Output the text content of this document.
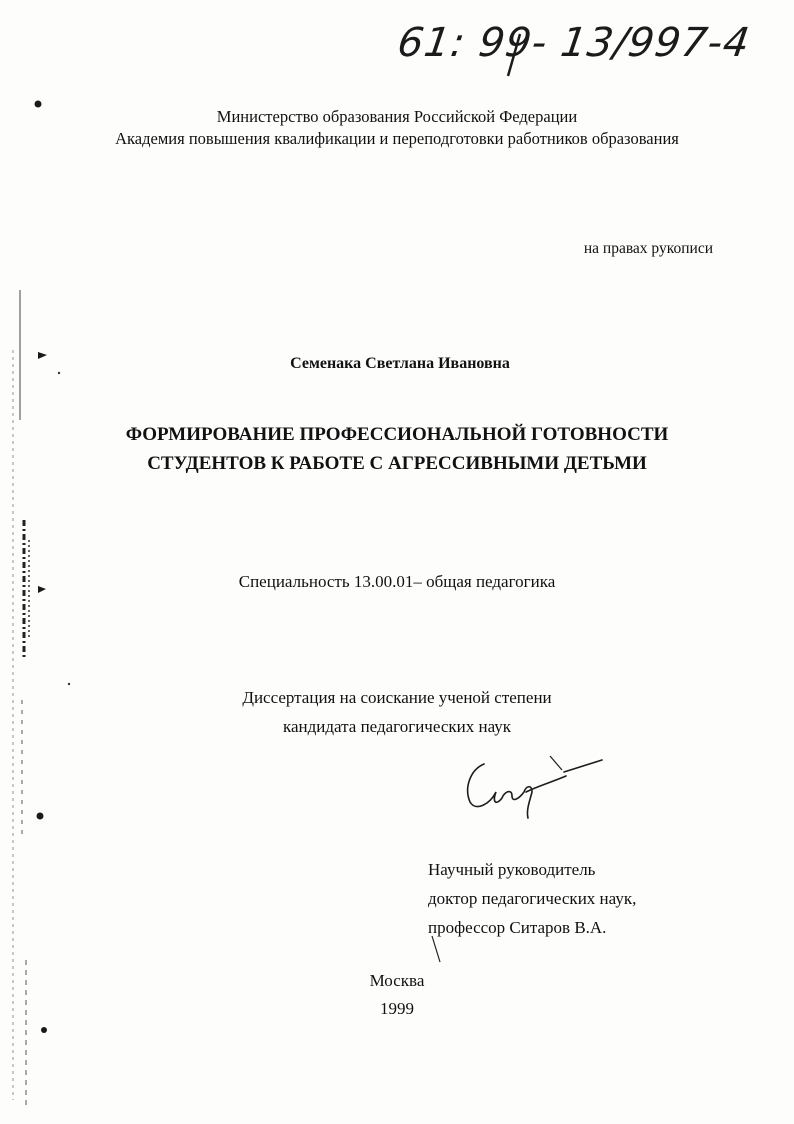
61: 99- 13/997-4
Министерство образования Российской Федерации
Академия повышения квалификации и переподготовки работников образования
на правах рукописи
Семенака Светлана Ивановна
ФОРМИРОВАНИЕ ПРОФЕССИОНАЛЬНОЙ ГОТОВНОСТИ
СТУДЕНТОВ К РАБОТЕ С АГРЕССИВНЫМИ ДЕТЬМИ
Специальность 13.00.01– общая педагогика
Диссертация на соискание ученой степени
кандидата педагогических наук
Научный руководитель
доктор педагогических наук,
профессор Ситаров В.А.
Москва
1999
